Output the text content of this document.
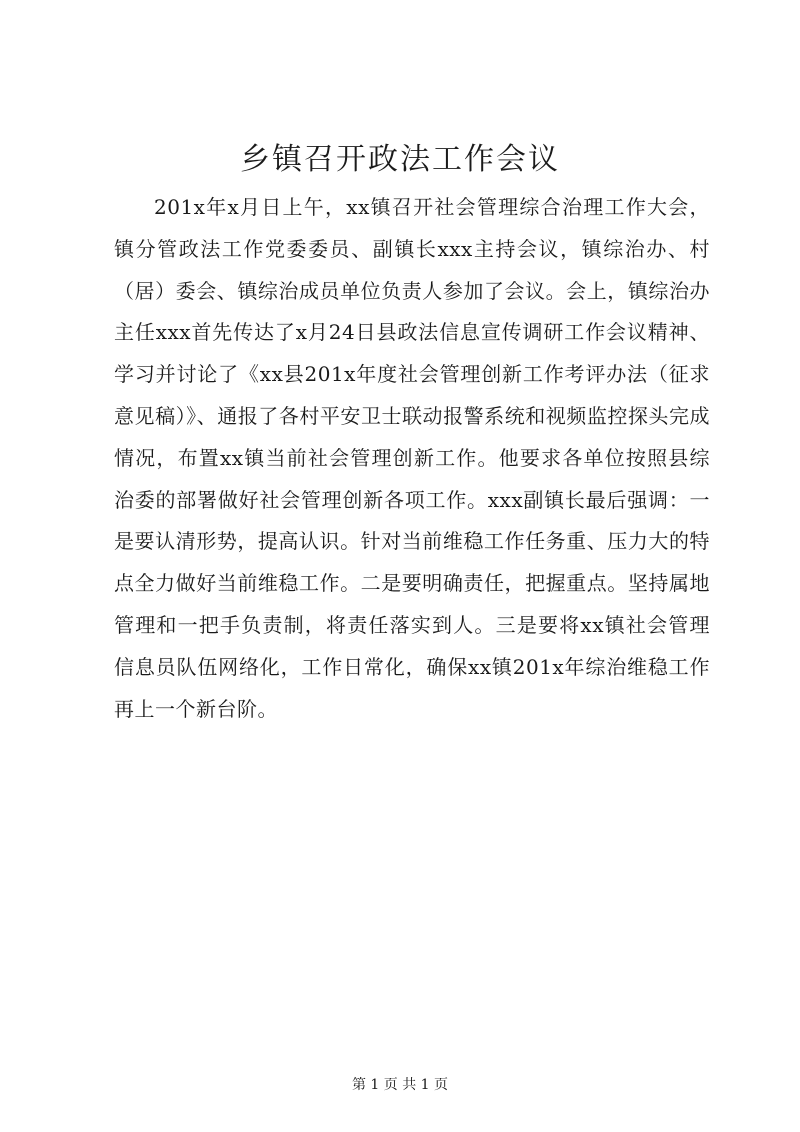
乡镇召开政法工作会议

201x年x月日上午，xx镇召开社会管理综合治理工作大会，镇分管政法工作党委委员、副镇长xxx主持会议，镇综治办、村（居）委会、镇综治成员单位负责人参加了会议。会上，镇综治办主任xxx首先传达了x月24日县政法信息宣传调研工作会议精神、学习并讨论了《xx县201x年度社会管理创新工作考评办法（征求意见稿）》、通报了各村平安卫士联动报警系统和视频监控探头完成情况，布置xx镇当前社会管理创新工作。他要求各单位按照县综治委的部署做好社会管理创新各项工作。xxx副镇长最后强调：一是要认清形势，提高认识。针对当前维稳工作任务重、压力大的特点全力做好当前维稳工作。二是要明确责任，把握重点。坚持属地管理和一把手负责制，将责任落实到人。三是要将xx镇社会管理信息员队伍网络化，工作日常化，确保xx镇201x年综治维稳工作再上一个新台阶。

第 1 页 共 1 页
